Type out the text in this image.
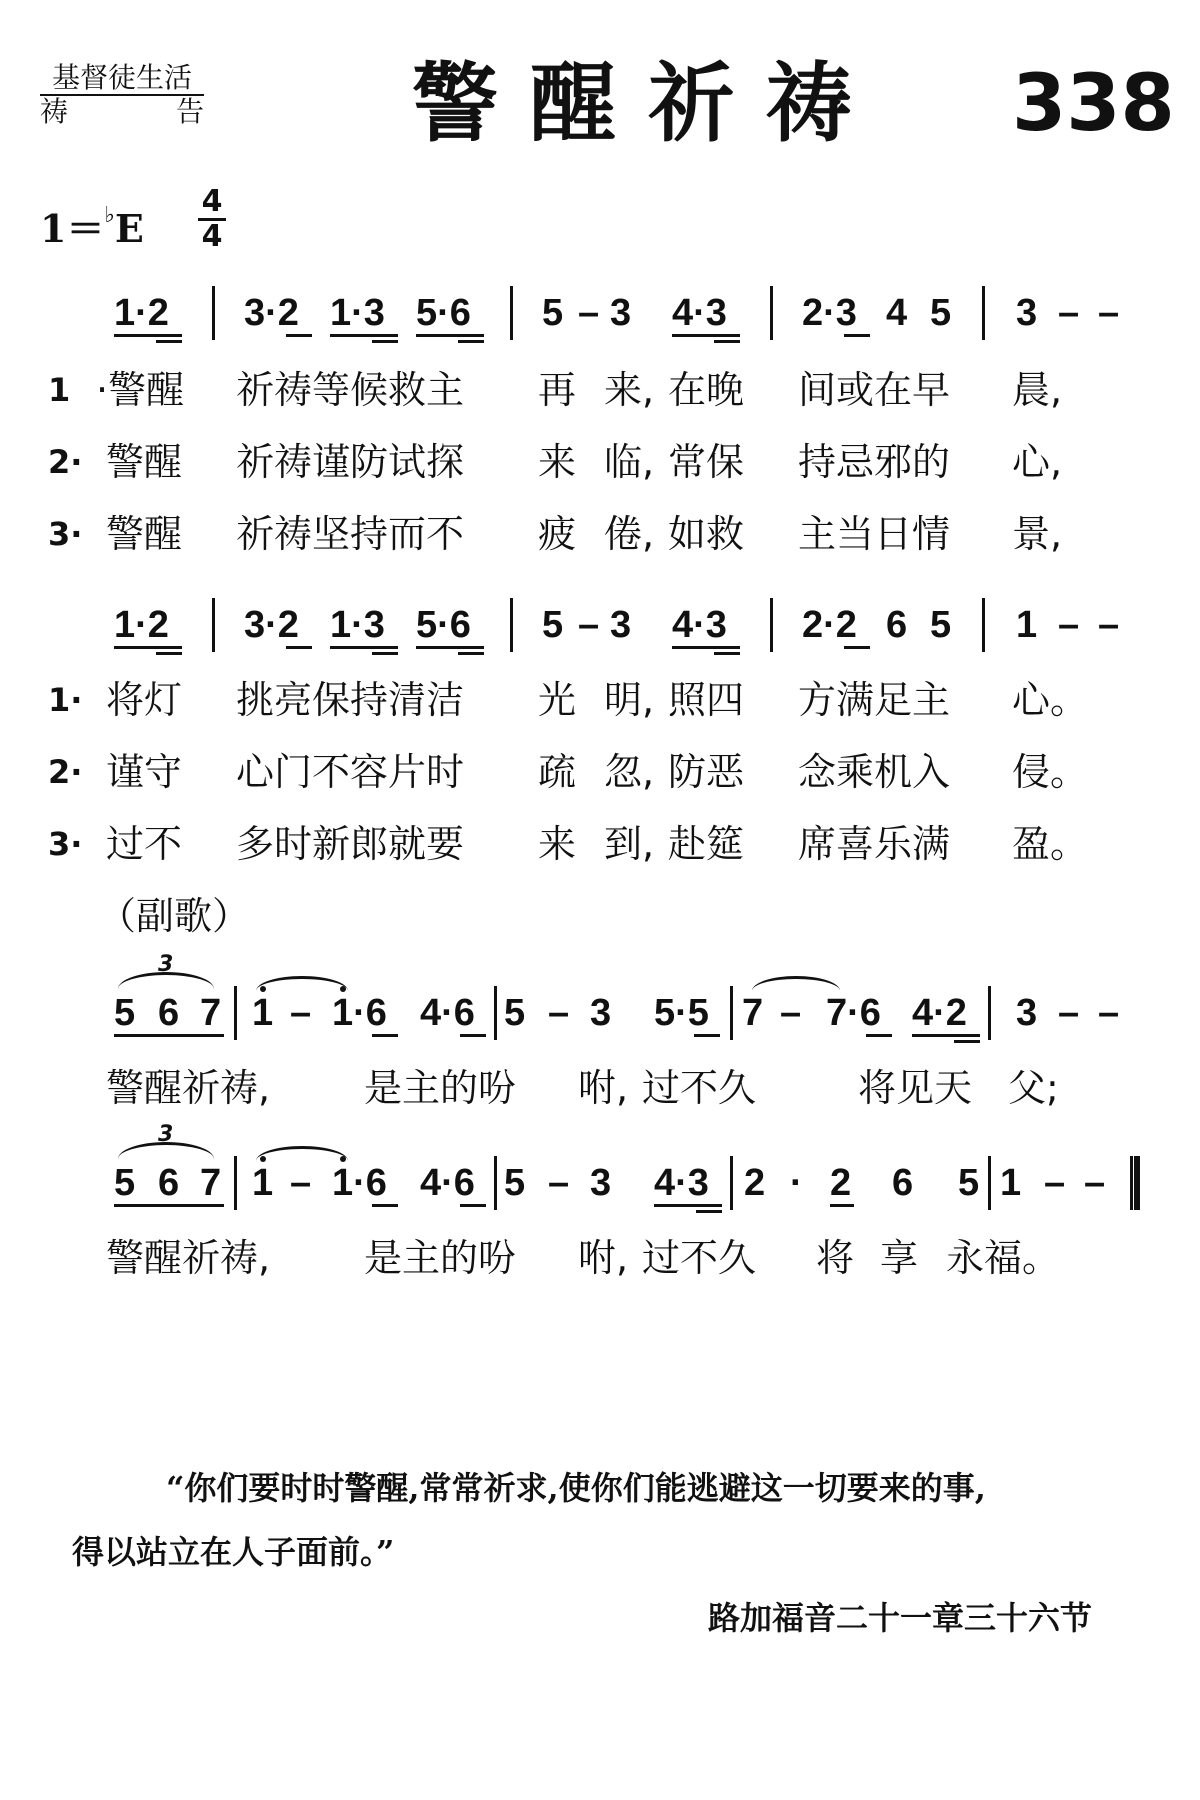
基督徒生活
祷	告 警醒祈祷 338
$1=^♭E \frac{4}{4}$
1·2 3·2 1·3 5·6 5 – 3 4·3 2·3 4 5 3 – –
1 ·警醒 祈祷等候救主 再 来, 在晚 间或在早 晨,
2· 警醒 祈祷谨防试探 来 临, 常保 持忌邪的 心,
3· 警醒 祈祷坚持而不 疲 倦, 如救 主当日情 景,
1·2 3·2 1·3 5·6 5 – 3 4·3 2·2 6 5 1 – –
1· 将灯 挑亮保持清洁 光 明, 照四 方满足主 心。
2· 谨守 心门不容片时 疏 忽, 防恶 念乘机入 侵。
3· 过不 多时新郎就要 来 到, 赴筵 席喜乐满 盈。
（副歌）
3
5 6 7 1 – 1·6 4·6 5 – 3 5·5 7 – 7·6 4·2 3 – –
警醒祈祷, 是主的吩 咐, 过不久	将见天 父;
3
5 6 7 1 – 1·6 4·6 5 – 3 4·3 2 · 2 6 5 1 – –
警醒祈祷, 是主的吩 咐, 过不久 将 享 永福。
“你们要时时警醒,常常祈求,使你们能逃避这一切要来的事,
得以站立在人子面前。”
路加福音二十一章三十六节
